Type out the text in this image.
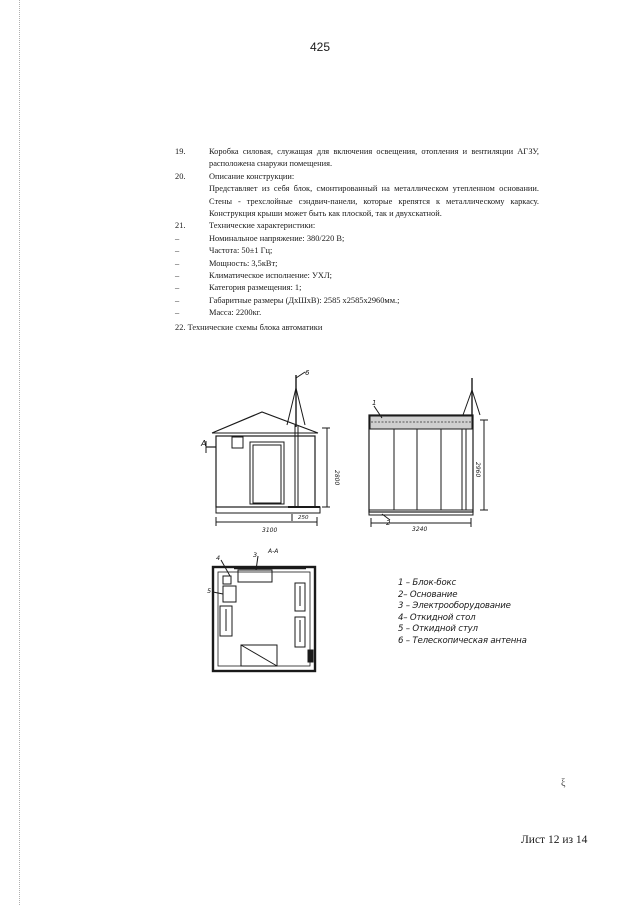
425
19.	Коробка силовая, служащая для включения освещения, отопления и вентиляции АГЗУ, расположена снаружи помещения.
20.	Описание конструкции:
Представляет из себя блок, смонтированный на металлическом утепленном основании. Стены - трехслойные сэндвич-панели, которые крепятся к металлическому каркасу. Конструкция крыши может быть как плоской, так и двухскатной.
21.	Технические характеристики:
–	Номинальное напряжение: 380/220 В;
–	Частота: 50±1 Гц;
–	Мощность: 3,5кВт;
–	Климатическое исполнение: УХЛ;
–	Категория размещения: 1;
–	Габаритные размеры (ДхШхВ): 2585 х2585х2960мм.;
–	Масса: 2200кг.
22. Технические схемы блока автоматики
6
А
2800
3100
250
1
2960
3240
2
А-А
4	3
5
1 – Блок-бокс
2– Основание
3 – Электрооборудование
4– Откидной стол
5 – Откидной стул
6 – Телескопическая антенна
ξ
Лист 12 из 14
